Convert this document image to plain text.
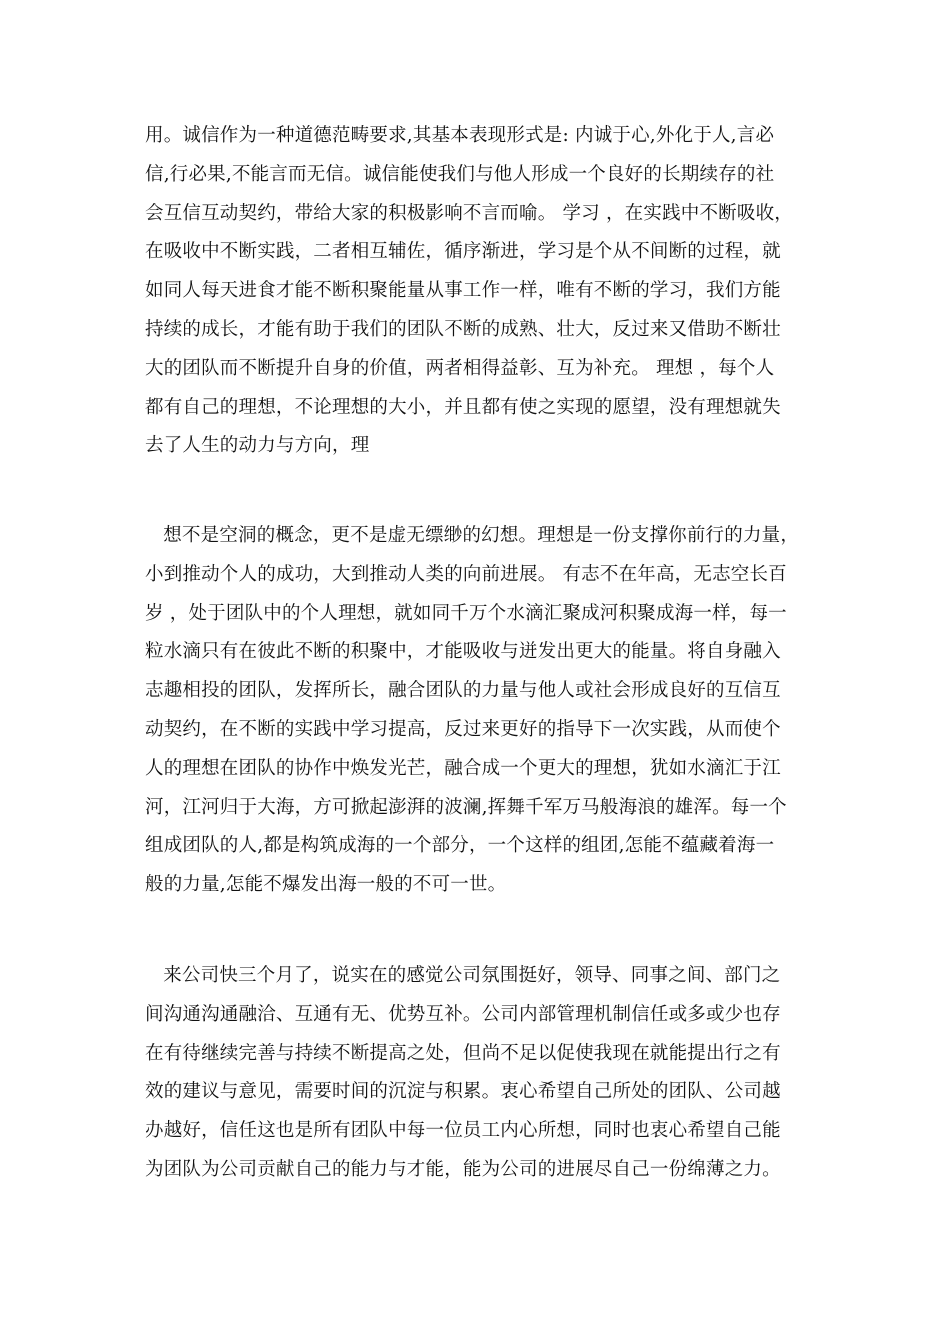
用。诚信作为一种道德范畴要求,其基本表现形式是: 内诚于心,外化于人,言必
信,行必果,不能言而无信。诚信能使我们与他人形成一个良好的长期续存的社
会互信互动契约，带给大家的积极影响不言而喻。 学习 ，在实践中不断吸收，
在吸收中不断实践，二者相互辅佐，循序渐进，学习是个从不间断的过程，就
如同人每天进食才能不断积聚能量从事工作一样，唯有不断的学习，我们方能
持续的成长，才能有助于我们的团队不断的成熟、壮大，反过来又借助不断壮
大的团队而不断提升自身的价值，两者相得益彰、互为补充。 理想 ，每个人
都有自己的理想，不论理想的大小，并且都有使之实现的愿望，没有理想就失
去了人生的动力与方向，理
想不是空洞的概念，更不是虚无缥缈的幻想。理想是一份支撑你前行的力量，
小到推动个人的成功，大到推动人类的向前进展。 有志不在年高，无志空长百
岁 ，处于团队中的个人理想，就如同千万个水滴汇聚成河积聚成海一样，每一
粒水滴只有在彼此不断的积聚中，才能吸收与迸发出更大的能量。将自身融入
志趣相投的团队，发挥所长，融合团队的力量与他人或社会形成良好的互信互
动契约，在不断的实践中学习提高，反过来更好的指导下一次实践，从而使个
人的理想在团队的协作中焕发光芒，融合成一个更大的理想，犹如水滴汇于江
河，江河归于大海，方可掀起澎湃的波澜,挥舞千军万马般海浪的雄浑。每一个
组成团队的人,都是构筑成海的一个部分，一个这样的组团,怎能不蕴藏着海一
般的力量,怎能不爆发出海一般的不可一世。
来公司快三个月了，说实在的感觉公司氛围挺好，领导、同事之间、部门之
间沟通沟通融洽、互通有无、优势互补。公司内部管理机制信任或多或少也存
在有待继续完善与持续不断提高之处，但尚不足以促使我现在就能提出行之有
效的建议与意见，需要时间的沉淀与积累。衷心希望自己所处的团队、公司越
办越好，信任这也是所有团队中每一位员工内心所想，同时也衷心希望自己能
为团队为公司贡献自己的能力与才能，能为公司的进展尽自己一份绵薄之力。
